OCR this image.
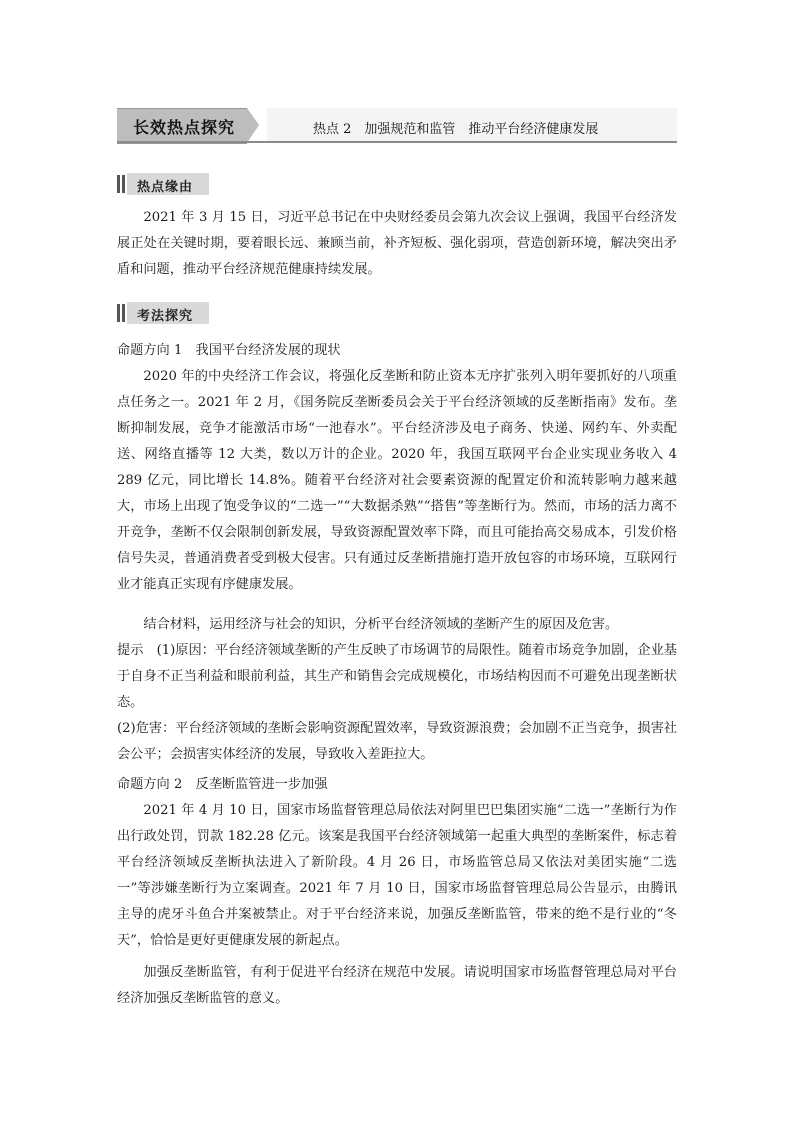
长效热点探究	热点 2　加强规范和监管　推动平台经济健康发展
热点缘由

2021 年 3 月 15 日，习近平总书记在中央财经委员会第九次会议上强调，我国平台经济发展正处在关键时期，要着眼长远、兼顾当前，补齐短板、强化弱项，营造创新环境，解决突出矛盾和问题，推动平台经济规范健康持续发展。

考法探究

命题方向 1　我国平台经济发展的现状

2020 年的中央经济工作会议，将强化反垄断和防止资本无序扩张列入明年要抓好的八项重点任务之一。2021 年 2 月，《国务院反垄断委员会关于平台经济领域的反垄断指南》发布。垄断抑制发展，竞争才能激活市场“一池春水”。平台经济涉及电子商务、快递、网约车、外卖配送、网络直播等 12 大类，数以万计的企业。2020 年，我国互联网平台企业实现业务收入 4 289 亿元，同比增长 14.8%。随着平台经济对社会要素资源的配置定价和流转影响力越来越大，市场上出现了饱受争议的“二选一”“大数据杀熟”“搭售”等垄断行为。然而，市场的活力离不开竞争，垄断不仅会限制创新发展，导致资源配置效率下降，而且可能抬高交易成本，引发价格信号失灵，普通消费者受到极大侵害。只有通过反垄断措施打造开放包容的市场环境，互联网行业才能真正实现有序健康发展。

结合材料，运用经济与社会的知识，分析平台经济领域的垄断产生的原因及危害。

提示　(1)原因：平台经济领域垄断的产生反映了市场调节的局限性。随着市场竞争加剧，企业基于自身不正当利益和眼前利益，其生产和销售会完成规模化，市场结构因而不可避免出现垄断状态。

(2)危害：平台经济领域的垄断会影响资源配置效率，导致资源浪费；会加剧不正当竞争，损害社会公平；会损害实体经济的发展，导致收入差距拉大。

命题方向 2　反垄断监管进一步加强

2021 年 4 月 10 日，国家市场监督管理总局依法对阿里巴巴集团实施“二选一”垄断行为作出行政处罚，罚款 182.28 亿元。该案是我国平台经济领域第一起重大典型的垄断案件，标志着平台经济领域反垄断执法进入了新阶段。4 月 26 日，市场监管总局又依法对美团实施“二选一”等涉嫌垄断行为立案调查。2021 年 7 月 10 日，国家市场监督管理总局公告显示，由腾讯主导的虎牙斗鱼合并案被禁止。对于平台经济来说，加强反垄断监管，带来的绝不是行业的“冬天”，恰恰是更好更健康发展的新起点。

加强反垄断监管，有利于促进平台经济在规范中发展。请说明国家市场监督管理总局对平台经济加强反垄断监管的意义。
